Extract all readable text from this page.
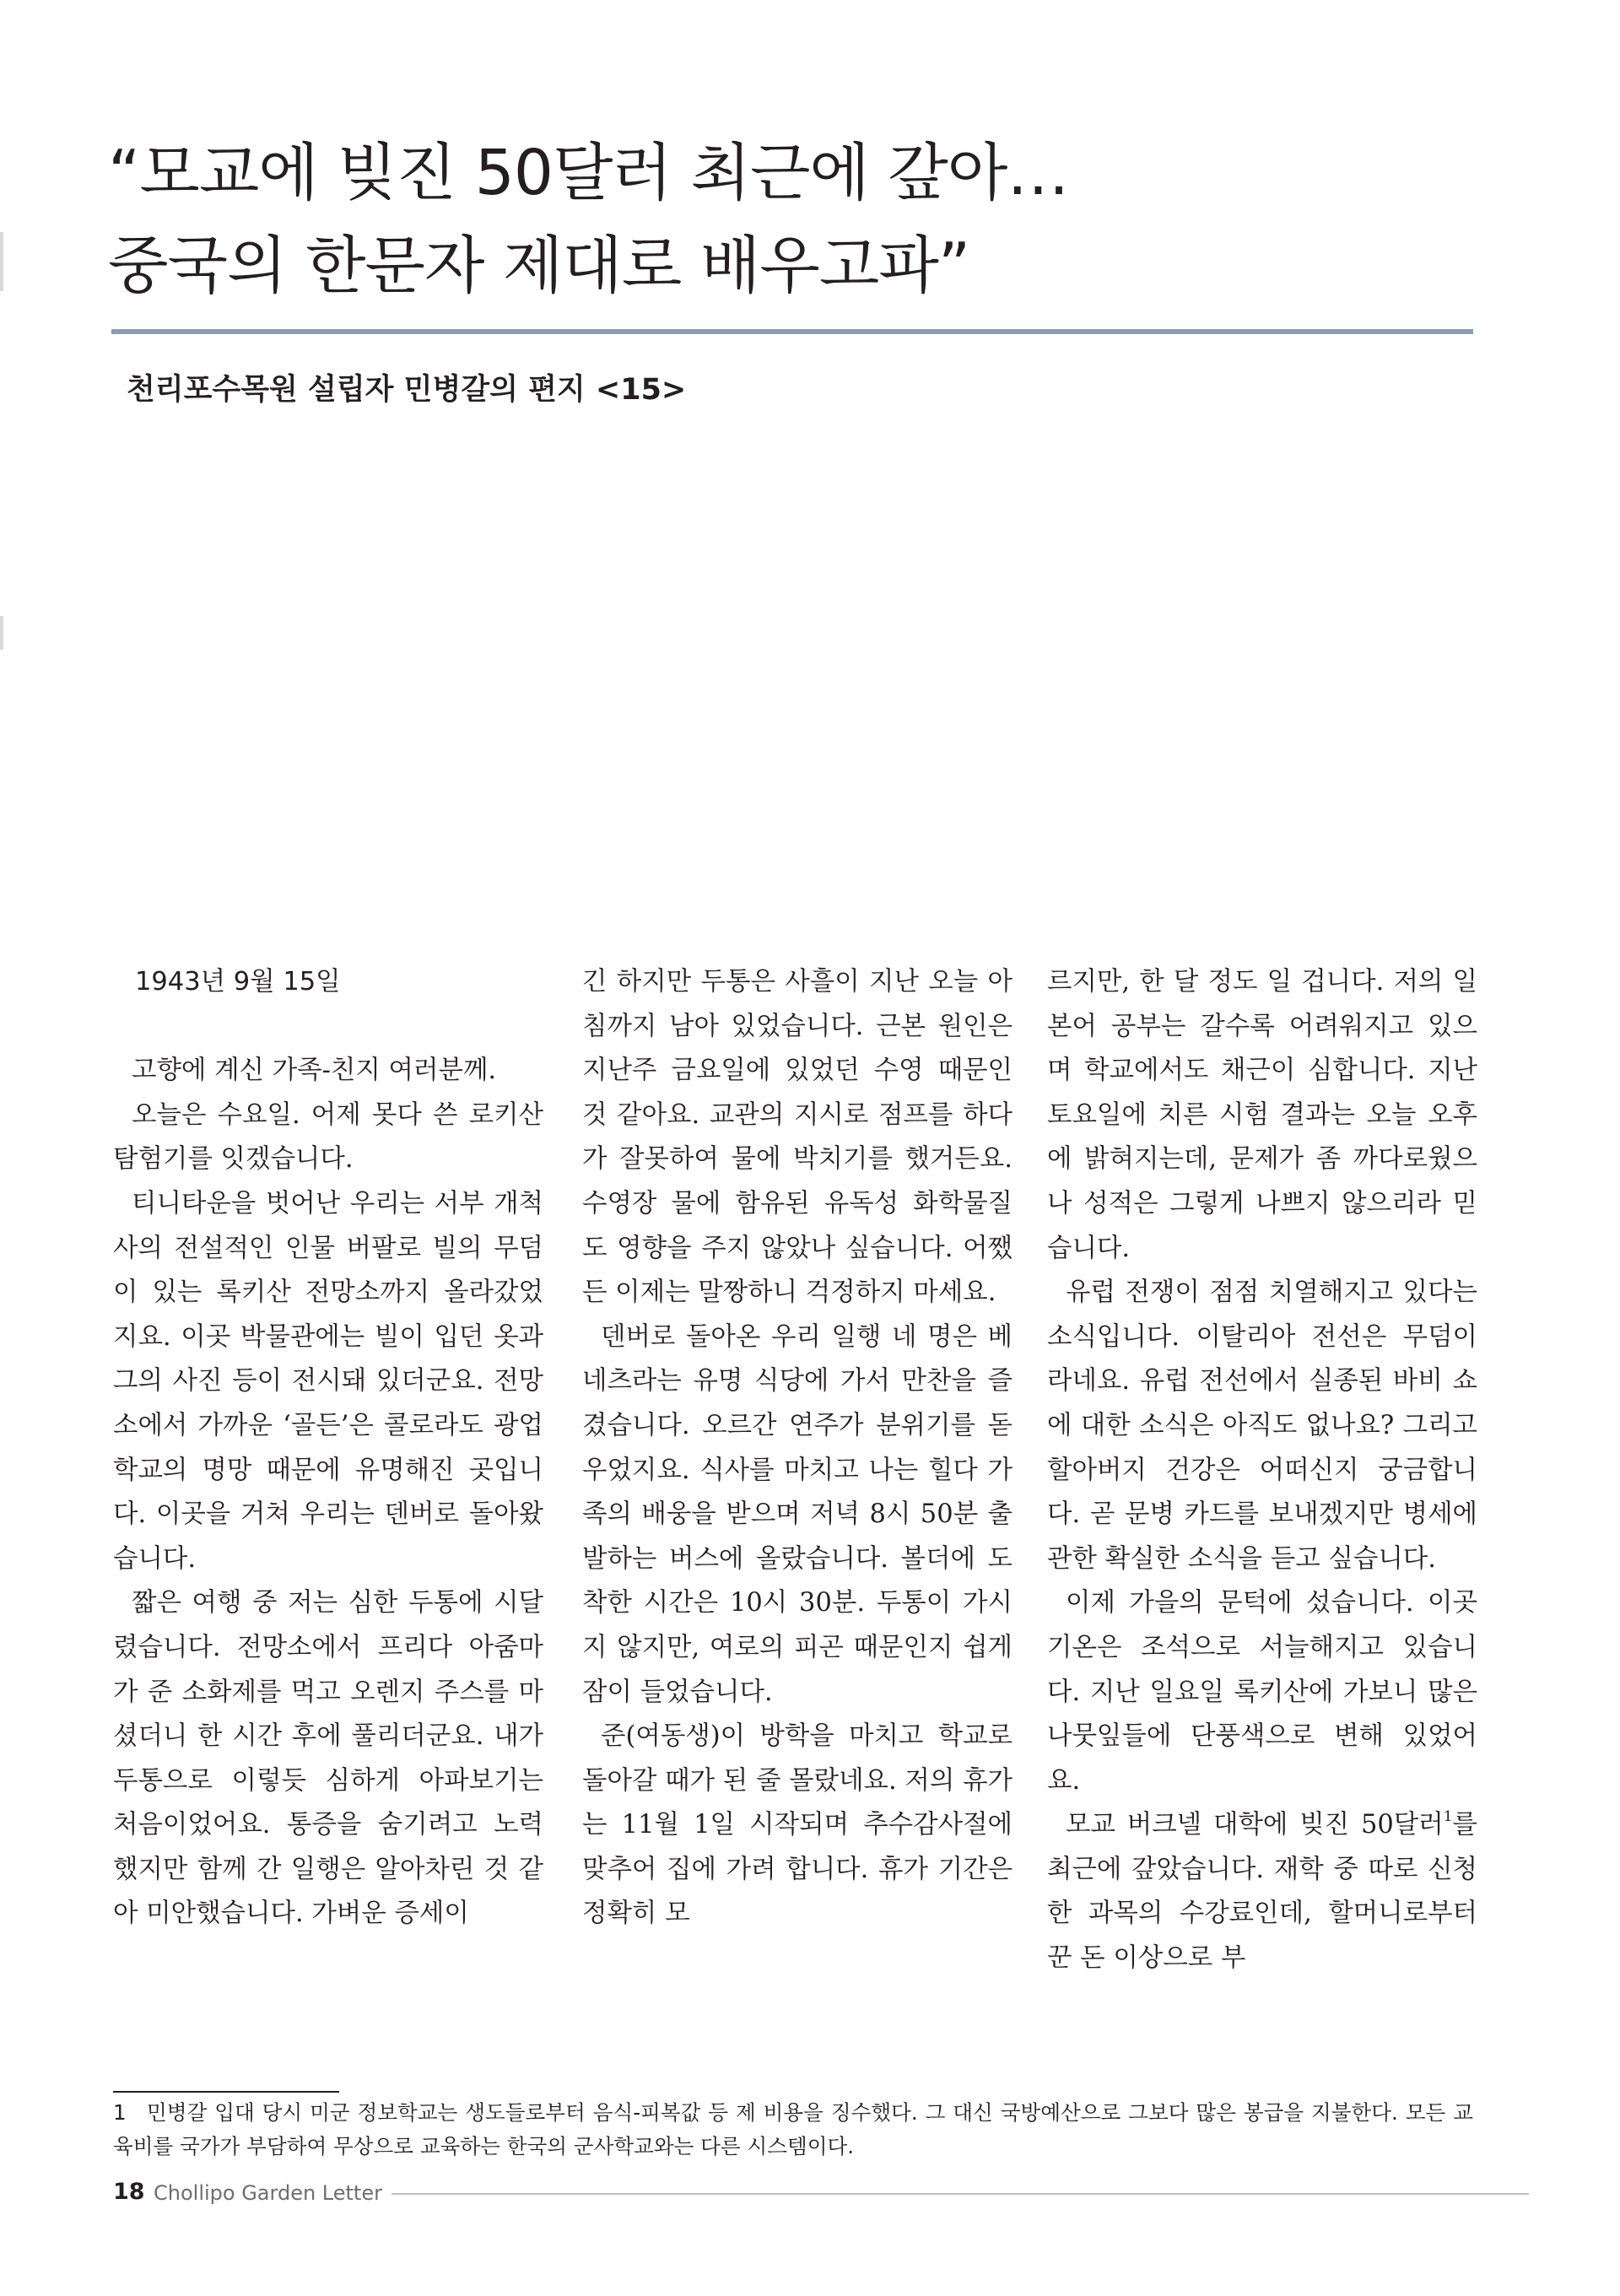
“모교에 빚진 50달러 최근에 갚아…
중국의 한문자 제대로 배우고파”
천리포수목원 설립자 민병갈의 편지 <15>

1943년 9월 15일

고향에 계신 가족-친지 여러분께.

오늘은 수요일. 어제 못다 쓴 로키산 탐험기를 잇겠습니다.

티니타운을 벗어난 우리는 서부 개척사의 전설적인 인물 버팔로 빌의 무덤이 있는 록키산 전망소까지 올라갔었지요. 이곳 박물관에는 빌이 입던 옷과 그의 사진 등이 전시돼 있더군요. 전망소에서 가까운 ‘골든’은 콜로라도 광업학교의 명망 때문에 유명해진 곳입니다. 이곳을 거쳐 우리는 덴버로 돌아왔습니다.

짧은 여행 중 저는 심한 두통에 시달렸습니다. 전망소에서 프리다 아줌마가 준 소화제를 먹고 오렌지 주스를 마셨더니 한 시간 후에 풀리더군요. 내가 두통으로 이렇듯 심하게 아파보기는 처음이었어요. 통증을 숨기려고 노력했지만 함께 간 일행은 알아차린 것 같아 미안했습니다. 가벼운 증세이

긴 하지만 두통은 사흘이 지난 오늘 아침까지 남아 있었습니다. 근본 원인은 지난주 금요일에 있었던 수영 때문인 것 같아요. 교관의 지시로 점프를 하다가 잘못하여 물에 박치기를 했거든요. 수영장 물에 함유된 유독성 화학물질도 영향을 주지 않았나 싶습니다. 어쨌든 이제는 말짱하니 걱정하지 마세요.

덴버로 돌아온 우리 일행 네 명은 베네츠라는 유명 식당에 가서 만찬을 즐겼습니다. 오르간 연주가 분위기를 돋우었지요. 식사를 마치고 나는 힐다 가족의 배웅을 받으며 저녁 8시 50분 출발하는 버스에 올랐습니다. 볼더에 도착한 시간은 10시 30분. 두통이 가시지 않지만, 여로의 피곤 때문인지 쉽게 잠이 들었습니다.

준(여동생)이 방학을 마치고 학교로 돌아갈 때가 된 줄 몰랐네요. 저의 휴가는 11월 1일 시작되며 추수감사절에 맞추어 집에 가려 합니다. 휴가 기간은 정확히 모

르지만, 한 달 정도 일 겁니다. 저의 일본어 공부는 갈수록 어려워지고 있으며 학교에서도 채근이 심합니다. 지난 토요일에 치른 시험 결과는 오늘 오후에 밝혀지는데, 문제가 좀 까다로웠으나 성적은 그렇게 나쁘지 않으리라 믿습니다.

유럽 전쟁이 점점 치열해지고 있다는 소식입니다. 이탈리아 전선은 무덤이라네요. 유럽 전선에서 실종된 바비 쇼에 대한 소식은 아직도 없나요? 그리고 할아버지 건강은 어떠신지 궁금합니다. 곧 문병 카드를 보내겠지만 병세에 관한 확실한 소식을 듣고 싶습니다.

이제 가을의 문턱에 섰습니다. 이곳 기온은 조석으로 서늘해지고 있습니다. 지난 일요일 록키산에 가보니 많은 나뭇잎들에 단풍색으로 변해 있었어요.

모교 버크넬 대학에 빚진 50달러$^1$를 최근에 갚았습니다. 재학 중 따로 신청한 과목의 수강료인데, 할머니로부터 꾼 돈 이상으로 부

1 민병갈 입대 당시 미군 정보학교는 생도들로부터 음식-피복값 등 제 비용을 징수했다. 그 대신 국방예산으로 그보다 많은 봉급을 지불한다. 모든 교육비를 국가가 부담하여 무상으로 교육하는 한국의 군사학교와는 다른 시스템이다.
18 Chollipo Garden Letter
